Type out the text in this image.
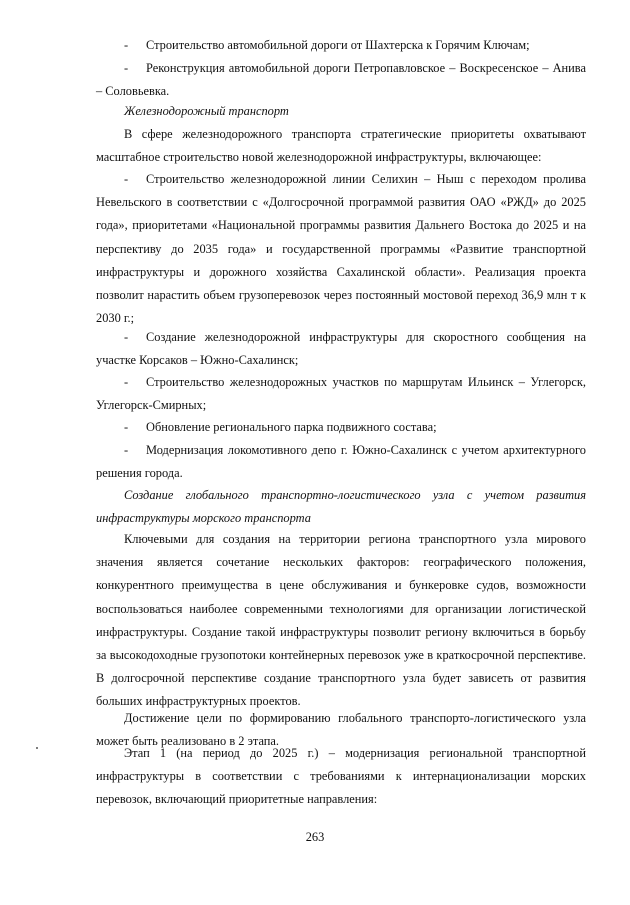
- Строительство автомобильной дороги от Шахтерска к Горячим Ключам;

- Реконструкция автомобильной дороги Петропавловское – Воскресенское – Анива – Соловьевка.

Железнодорожный транспорт

В сфере железнодорожного транспорта стратегические приоритеты охватывают масштабное строительство новой железнодорожной инфраструктуры, включающее:

- Строительство железнодорожной линии Селихин – Ныш с переходом пролива Невельского в соответствии с «Долгосрочной программой развития ОАО «РЖД» до 2025 года», приоритетами «Национальной программы развития Дальнего Востока до 2025 и на перспективу до 2035 года» и государственной программы «Развитие транспортной инфраструктуры и дорожного хозяйства Сахалинской области». Реализация проекта позволит нарастить объем грузоперевозок через постоянный мостовой переход 36,9 млн т к 2030 г.;

- Создание железнодорожной инфраструктуры для скоростного сообщения на участке Корсаков – Южно-Сахалинск;

- Строительство железнодорожных участков по маршрутам Ильинск – Углегорск, Углегорск-Смирных;

- Обновление регионального парка подвижного состава;

- Модернизация локомотивного депо г. Южно-Сахалинск с учетом архитектурного решения города.

Создание глобального транспортно-логистического узла с учетом развития инфраструктуры морского транспорта

Ключевыми для создания на территории региона транспортного узла мирового значения является сочетание нескольких факторов: географического положения, конкурентного преимущества в цене обслуживания и бункеровке судов, возможности воспользоваться наиболее современными технологиями для организации логистической инфраструктуры. Создание такой инфраструктуры позволит региону включиться в борьбу за высокодоходные грузопотоки контейнерных перевозок уже в краткосрочной перспективе. В долгосрочной перспективе создание транспортного узла будет зависеть от развития больших инфраструктурных проектов.

Достижение цели по формированию глобального транспорто-логистического узла может быть реализовано в 2 этапа.

Этап 1 (на период до 2025 г.) – модернизация региональной транспортной инфраструктуры в соответствии с требованиями к интернационализации морских перевозок, включающий приоритетные направления:

263
